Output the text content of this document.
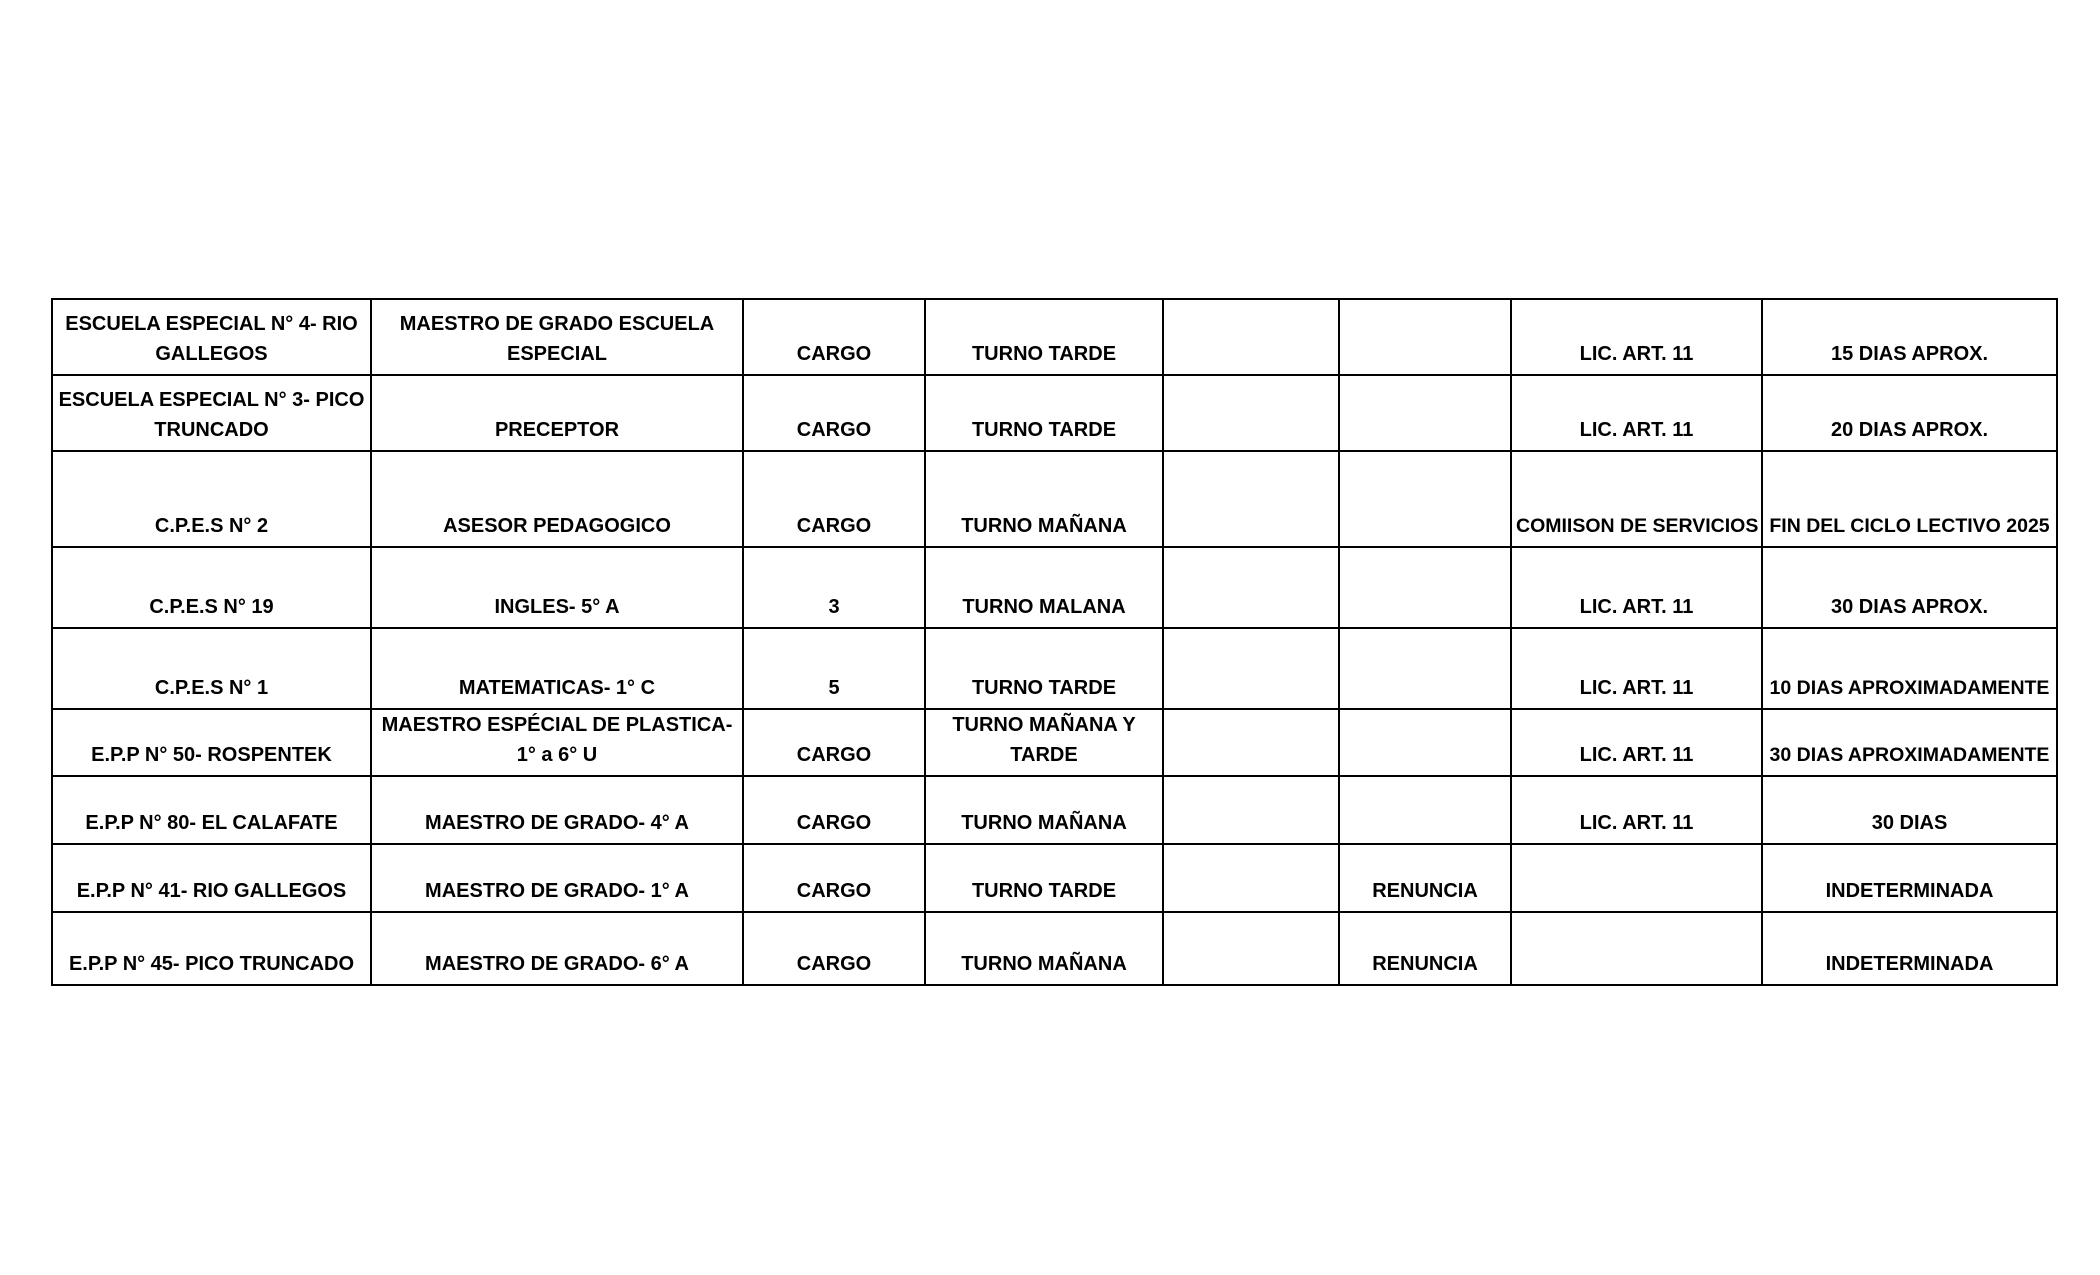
ESCUELA ESPECIAL N° 4- RIO GALLEGOS	MAESTRO DE GRADO ESCUELA ESPECIAL	CARGO	TURNO TARDE			LIC. ART. 11	15 DIAS APROX.
ESCUELA ESPECIAL N° 3- PICO TRUNCADO	PRECEPTOR	CARGO	TURNO TARDE			LIC. ART. 11	20 DIAS APROX.
C.P.E.S N° 2	ASESOR PEDAGOGICO	CARGO	TURNO MAÑANA			COMIISON DE SERVICIOS	FIN DEL CICLO LECTIVO 2025
C.P.E.S N° 19	INGLES- 5° A	3	TURNO MALANA			LIC. ART. 11	30 DIAS APROX.
C.P.E.S N° 1	MATEMATICAS- 1° C	5	TURNO TARDE			LIC. ART. 11	10 DIAS APROXIMADAMENTE
E.P.P N° 50- ROSPENTEK	MAESTRO ESPÉCIAL DE PLASTICA- 1° a 6° U	CARGO	TURNO MAÑANA Y TARDE			LIC. ART. 11	30 DIAS APROXIMADAMENTE
E.P.P N° 80- EL CALAFATE	MAESTRO DE GRADO- 4° A	CARGO	TURNO MAÑANA			LIC. ART. 11	30 DIAS
E.P.P N° 41- RIO GALLEGOS	MAESTRO DE GRADO- 1° A	CARGO	TURNO TARDE		RENUNCIA		INDETERMINADA
E.P.P N° 45- PICO TRUNCADO	MAESTRO DE GRADO- 6° A	CARGO	TURNO MAÑANA		RENUNCIA		INDETERMINADA
